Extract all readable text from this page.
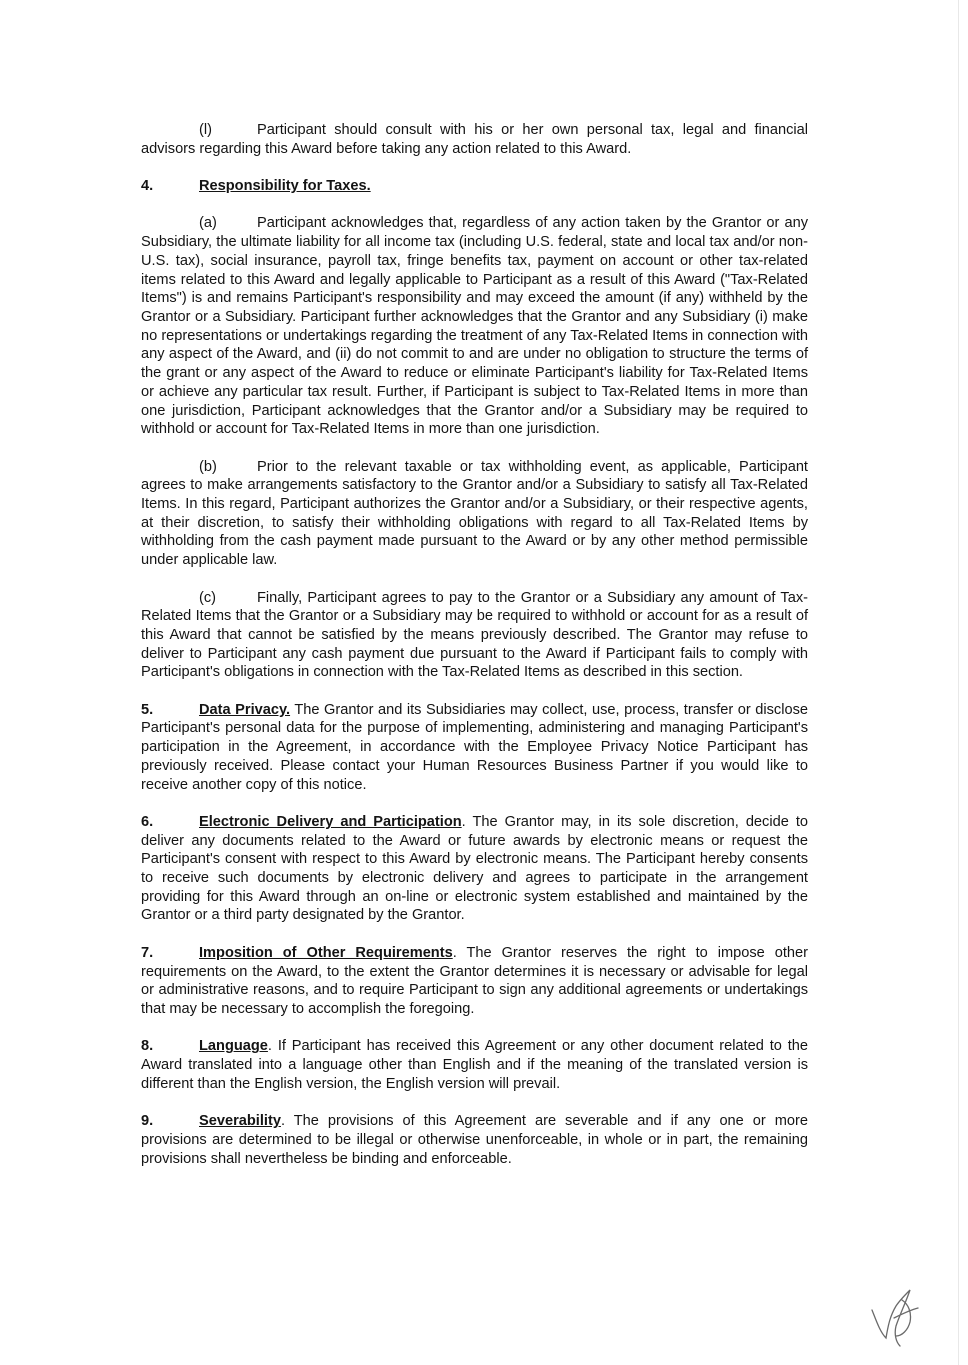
(l)	Participant should consult with his or her own personal tax, legal and financial advisors regarding this Award before taking any action related to this Award.

4.	Responsibility for Taxes.

(a)	Participant acknowledges that, regardless of any action taken by the Grantor or any Subsidiary, the ultimate liability for all income tax (including U.S. federal, state and local tax and/or non-U.S. tax), social insurance, payroll tax, fringe benefits tax, payment on account or other tax-related items related to this Award and legally applicable to Participant as a result of this Award ("Tax-Related Items") is and remains Participant's responsibility and may exceed the amount (if any) withheld by the Grantor or a Subsidiary. Participant further acknowledges that the Grantor and any Subsidiary (i) make no representations or undertakings regarding the treatment of any Tax-Related Items in connection with any aspect of the Award, and (ii) do not commit to and are under no obligation to structure the terms of the grant or any aspect of the Award to reduce or eliminate Participant's liability for Tax-Related Items or achieve any particular tax result. Further, if Participant is subject to Tax-Related Items in more than one jurisdiction, Participant acknowledges that the Grantor and/or a Subsidiary may be required to withhold or account for Tax-Related Items in more than one jurisdiction.

(b)	Prior to the relevant taxable or tax withholding event, as applicable, Participant agrees to make arrangements satisfactory to the Grantor and/or a Subsidiary to satisfy all Tax-Related Items. In this regard, Participant authorizes the Grantor and/or a Subsidiary, or their respective agents, at their discretion, to satisfy their withholding obligations with regard to all Tax-Related Items by withholding from the cash payment made pursuant to the Award or by any other method permissible under applicable law.

(c)	Finally, Participant agrees to pay to the Grantor or a Subsidiary any amount of Tax-Related Items that the Grantor or a Subsidiary may be required to withhold or account for as a result of this Award that cannot be satisfied by the means previously described. The Grantor may refuse to deliver to Participant any cash payment due pursuant to the Award if Participant fails to comply with Participant's obligations in connection with the Tax-Related Items as described in this section.

5.	Data Privacy. The Grantor and its Subsidiaries may collect, use, process, transfer or disclose Participant's personal data for the purpose of implementing, administering and managing Participant's participation in the Agreement, in accordance with the Employee Privacy Notice Participant has previously received. Please contact your Human Resources Business Partner if you would like to receive another copy of this notice.

6.	Electronic Delivery and Participation. The Grantor may, in its sole discretion, decide to deliver any documents related to the Award or future awards by electronic means or request the Participant's consent with respect to this Award by electronic means. The Participant hereby consents to receive such documents by electronic delivery and agrees to participate in the arrangement providing for this Award through an on-line or electronic system established and maintained by the Grantor or a third party designated by the Grantor.

7.	Imposition of Other Requirements. The Grantor reserves the right to impose other requirements on the Award, to the extent the Grantor determines it is necessary or advisable for legal or administrative reasons, and to require Participant to sign any additional agreements or undertakings that may be necessary to accomplish the foregoing.

8.	Language. If Participant has received this Agreement or any other document related to the Award translated into a language other than English and if the meaning of the translated version is different than the English version, the English version will prevail.

9.	Severability. The provisions of this Agreement are severable and if any one or more provisions are determined to be illegal or otherwise unenforceable, in whole or in part, the remaining provisions shall nevertheless be binding and enforceable.
